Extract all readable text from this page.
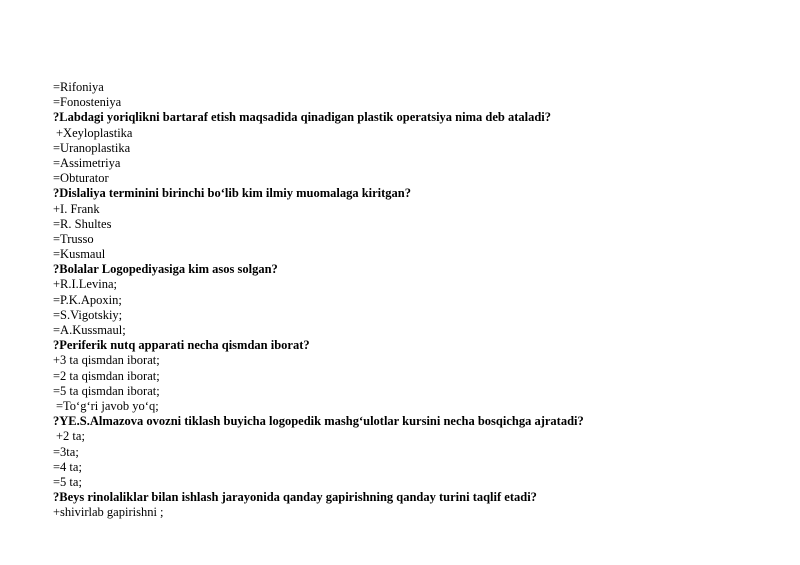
=Rifoniya
=Fonosteniya
?Labdagi yoriqlikni bartaraf etish maqsadida qinadigan plastik operatsiya nima deb ataladi?
+Xeyloplastika
=Uranoplastika
=Assimetriya
=Obturator
?Dislaliya terminini birinchi bo‘lib kim ilmiy muomalaga kiritgan?
+I. Frank
=R. Shultes
=Trusso
=Kusmaul
?Bolalar Logopediyasiga kim asos solgan?
+R.I.Levina;
=P.K.Apoxin;
=S.Vigotskiy;
=A.Kussmaul;
?Periferik nutq apparati necha qismdan iborat?
+3 ta qismdan iborat;
=2 ta qismdan iborat;
=5 ta qismdan iborat;
=To‘g‘ri javob yo‘q;
?YE.S.Almazova ovozni tiklash buyicha logopedik mashg‘ulotlar kursini necha bosqichga ajratadi?
+2 ta;
=3ta;
=4 ta;
=5 ta;
?Beys rinolaliklar bilan ishlash jarayonida qanday gapirishning qanday turini taqlif etadi?
+shivirlab gapirishni ;
